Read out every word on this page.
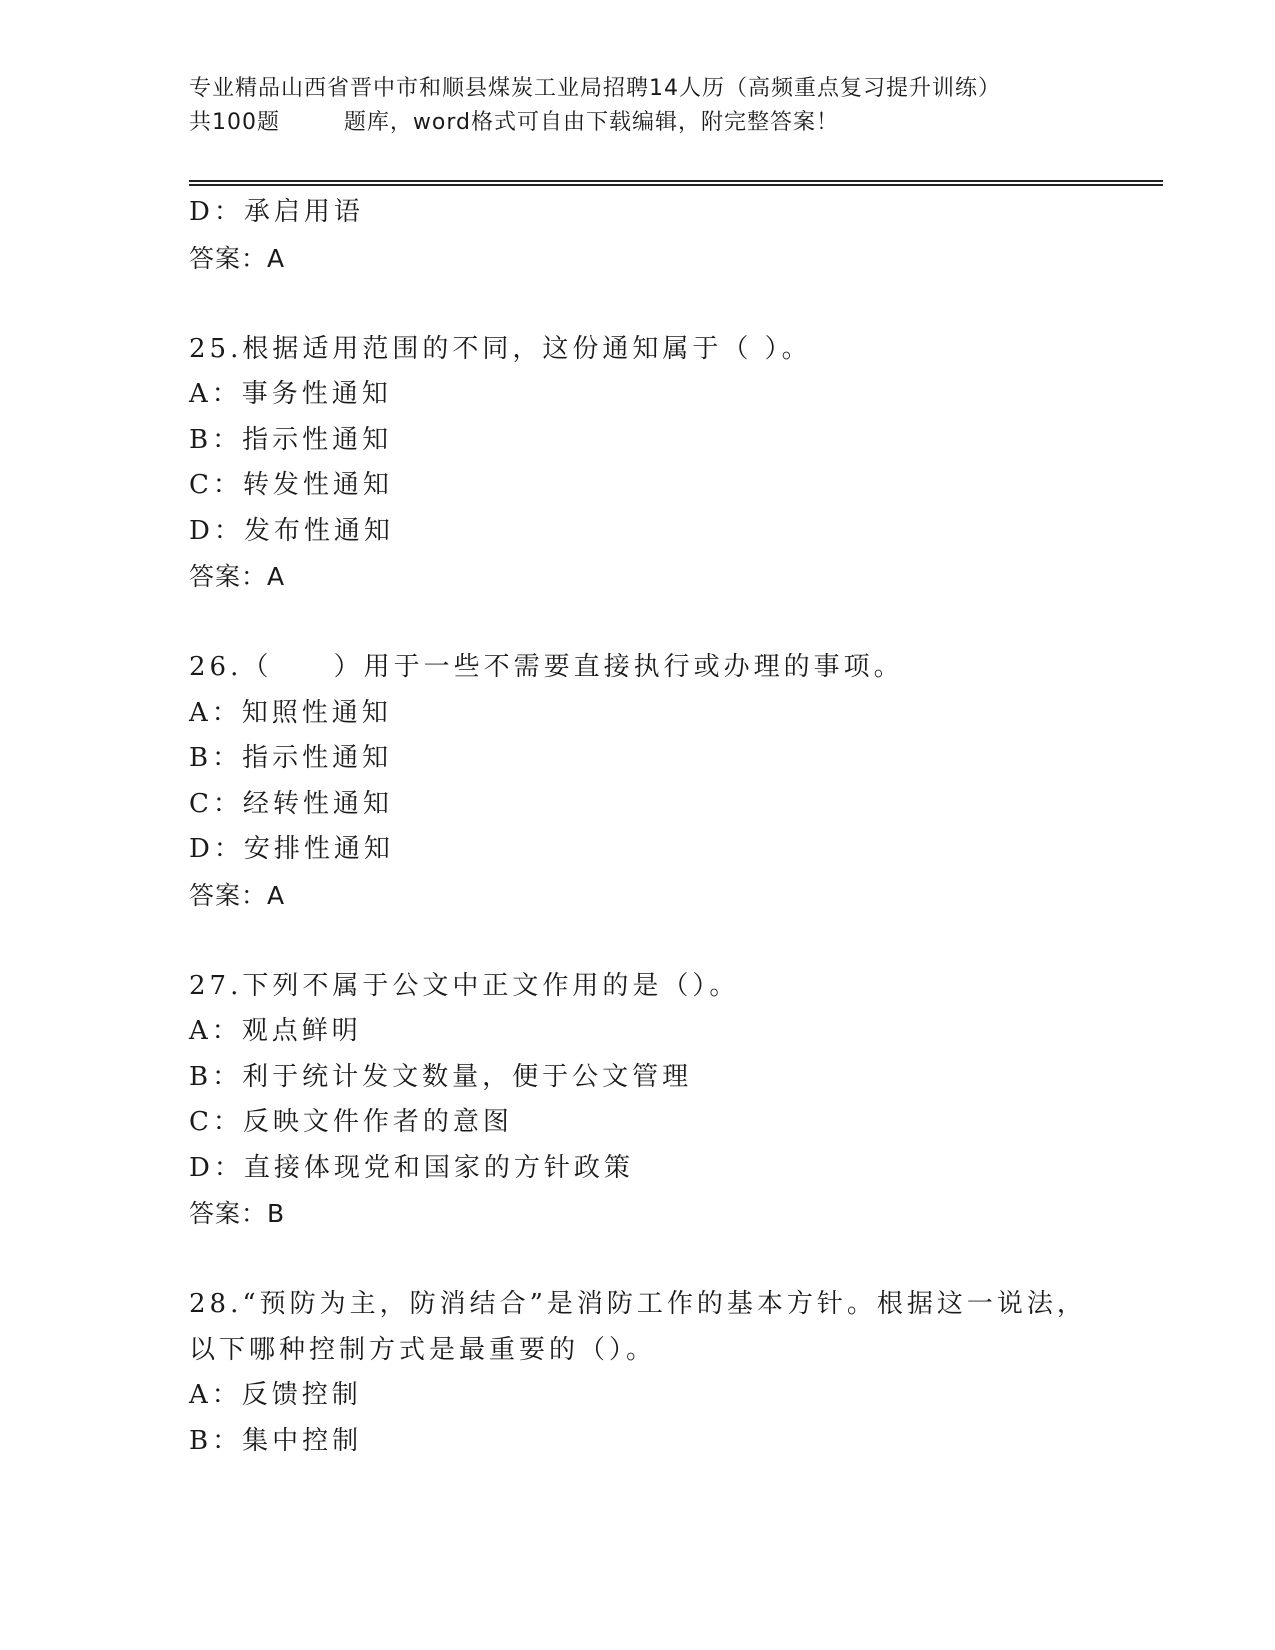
专业精品山西省晋中市和顺县煤炭工业局招聘14人历（高频重点复习提升训练）
共100题        题库，word格式可自由下载编辑，附完整答案！
D：承启用语
答案：A
25.根据适用范围的不同，这份通知属于（ ）。
A：事务性通知
B：指示性通知
C：转发性通知
D：发布性通知
答案：A
26.（     ）用于一些不需要直接执行或办理的事项。
A：知照性通知
B：指示性通知
C：经转性通知
D：安排性通知
答案：A
27.下列不属于公文中正文作用的是（）。
A：观点鲜明
B：利于统计发文数量，便于公文管理
C：反映文件作者的意图
D：直接体现党和国家的方针政策
答案：B
28.“预防为主，防消结合”是消防工作的基本方针。根据这一说法，
以下哪种控制方式是最重要的（）。
A：反馈控制
B：集中控制
